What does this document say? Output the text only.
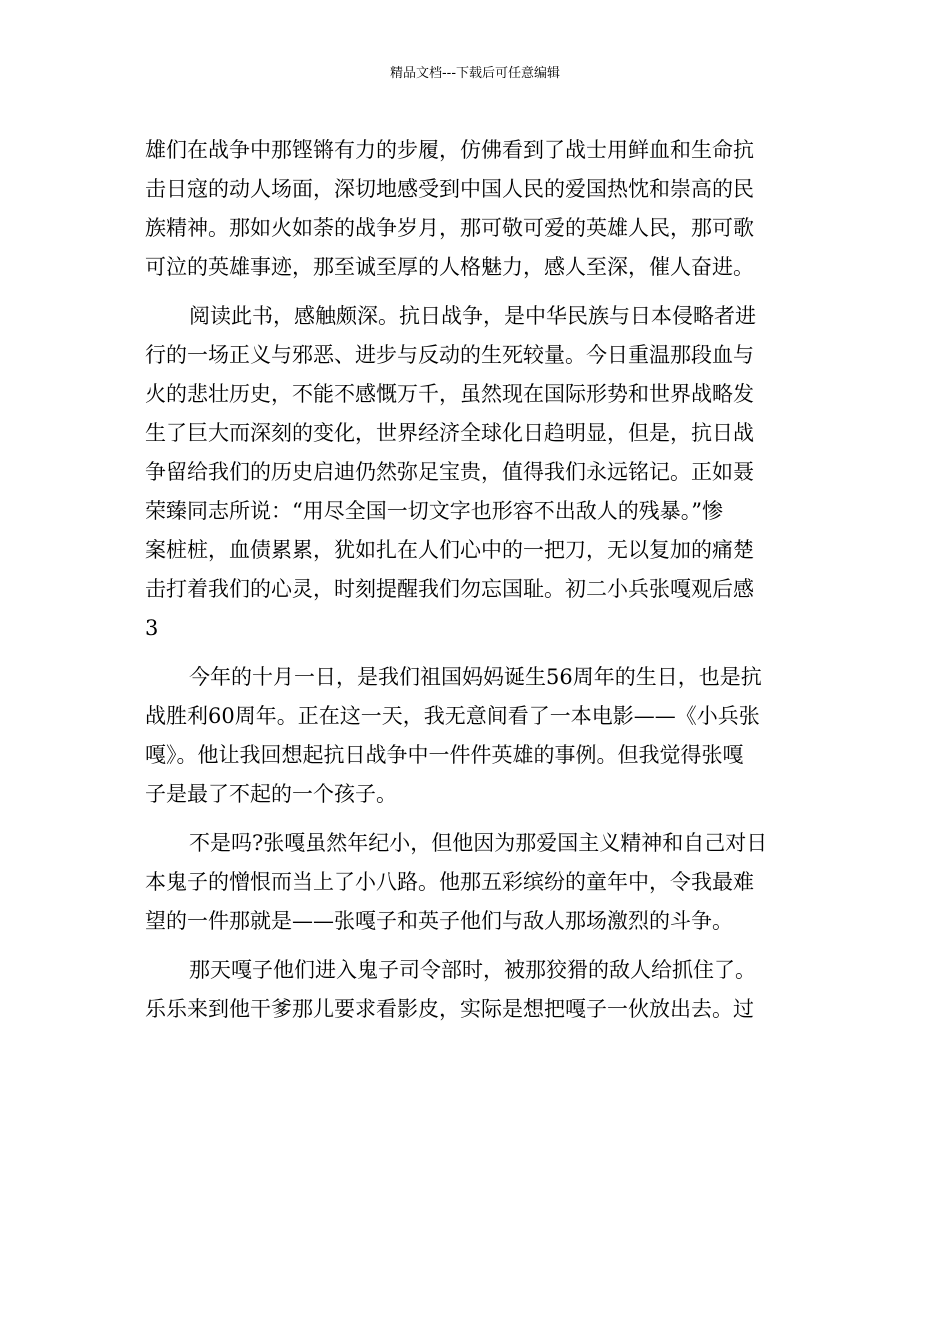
精品文档---下载后可任意编辑

雄们在战争中那铿锵有力的步履，仿佛看到了战士用鲜血和生命抗

击日寇的动人场面，深切地感受到中国人民的爱国热忱和崇高的民

族精神。那如火如荼的战争岁月，那可敬可爱的英雄人民，那可歌

可泣的英雄事迹，那至诚至厚的人格魅力，感人至深，催人奋进。

阅读此书，感触颇深。抗日战争，是中华民族与日本侵略者进

行的一场正义与邪恶、进步与反动的生死较量。今日重温那段血与

火的悲壮历史，不能不感慨万千，虽然现在国际形势和世界战略发

生了巨大而深刻的变化，世界经济全球化日趋明显，但是，抗日战

争留给我们的历史启迪仍然弥足宝贵，值得我们永远铭记。正如聂

荣臻同志所说：“用尽全国一切文字也形容不出敌人的残暴。”惨

案桩桩，血债累累，犹如扎在人们心中的一把刀，无以复加的痛楚

击打着我们的心灵，时刻提醒我们勿忘国耻。初二小兵张嘎观后感

3

今年的十月一日，是我们祖国妈妈诞生56周年的生日，也是抗

战胜利60周年。正在这一天，我无意间看了一本电影——《小兵张

嘎》。他让我回想起抗日战争中一件件英雄的事例。但我觉得张嘎

子是最了不起的一个孩子。

不是吗?张嘎虽然年纪小，但他因为那爱国主义精神和自己对日

本鬼子的憎恨而当上了小八路。他那五彩缤纷的童年中，令我最难

望的一件那就是——张嘎子和英子他们与敌人那场激烈的斗争。

那天嘎子他们进入鬼子司令部时，被那狡猾的敌人给抓住了。

乐乐来到他干爹那儿要求看影皮，实际是想把嘎子一伙放出去。过
